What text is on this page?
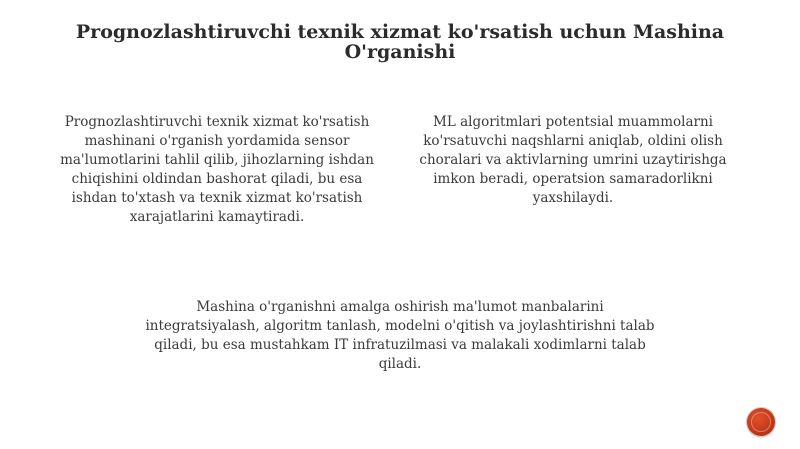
Prognozlashtiruvchi texnik xizmat ko'rsatish uchun Mashina O'rganishi

Prognozlashtiruvchi texnik xizmat ko'rsatish mashinani o'rganish yordamida sensor ma'lumotlarini tahlil qilib, jihozlarning ishdan chiqishini oldindan bashorat qiladi, bu esa ishdan to'xtash va texnik xizmat ko'rsatish xarajatlarini kamaytiradi.

ML algoritmlari potentsial muammolarni ko'rsatuvchi naqshlarni aniqlab, oldini olish choralari va aktivlarning umrini uzaytirishga imkon beradi, operatsion samaradorlikni yaxshilaydi.

Mashina o'rganishni amalga oshirish ma'lumot manbalarini integratsiyalash, algoritm tanlash, modelni o'qitish va joylashtirishni talab qiladi, bu esa mustahkam IT infratuzilmasi va malakali xodimlarni talab qiladi.
